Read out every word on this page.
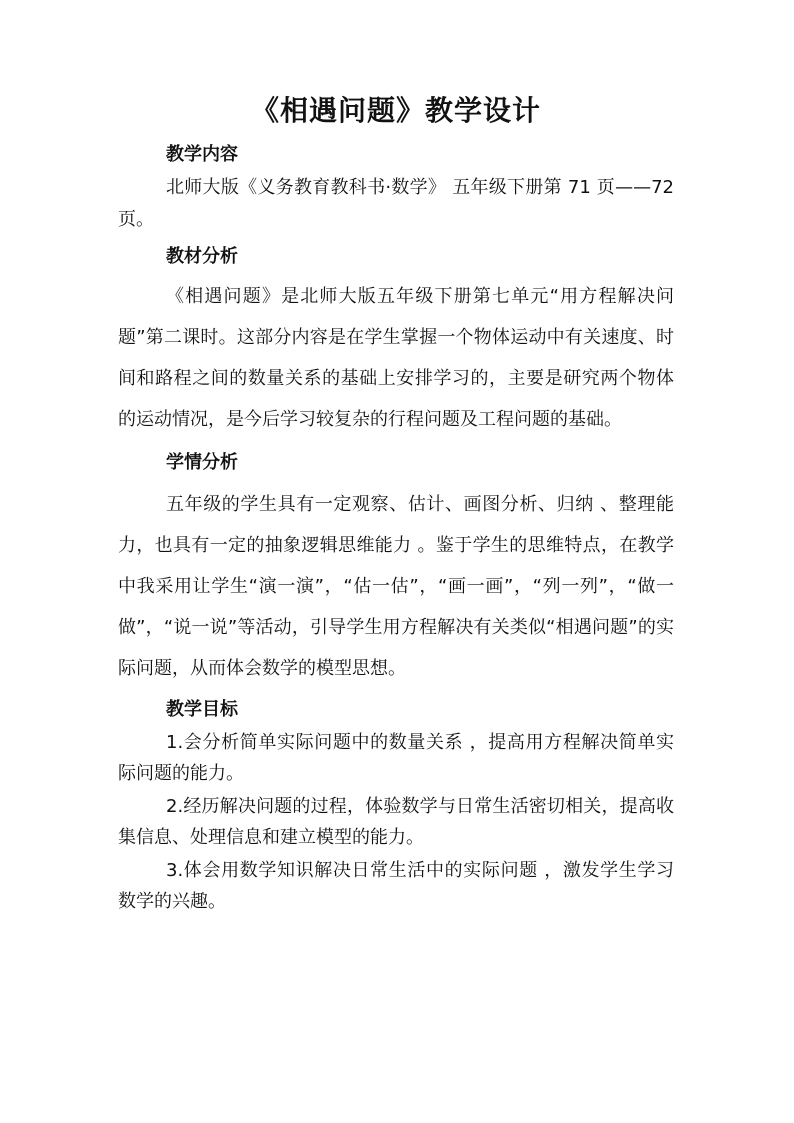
《相遇问题》教学设计
教学内容

北师大版《义务教育教科书·数学》 五年级下册第 71 页——72 页。

教材分析

《相遇问题》是北师大版五年级下册第七单元“用方程解决问题”第二课时。这部分内容是在学生掌握一个物体运动中有关速度、时间和路程之间的数量关系的基础上安排学习的，主要是研究两个物体的运动情况，是今后学习较复杂的行程问题及工程问题的基础。

学情分析

五年级的学生具有一定观察、估计、画图分析、归纳 、整理能力，也具有一定的抽象逻辑思维能力 。鉴于学生的思维特点，在教学中我采用让学生“演一演”，“估一估”，“画一画”，“列一列”，“做一做”，“说一说”等活动，引导学生用方程解决有关类似“相遇问题”的实际问题，从而体会数学的模型思想。

教学目标

1.会分析简单实际问题中的数量关系 ，提高用方程解决简单实际问题的能力。

2.经历解决问题的过程，体验数学与日常生活密切相关，提高收集信息、处理信息和建立模型的能力。

3.体会用数学知识解决日常生活中的实际问题 ，激发学生学习数学的兴趣。
